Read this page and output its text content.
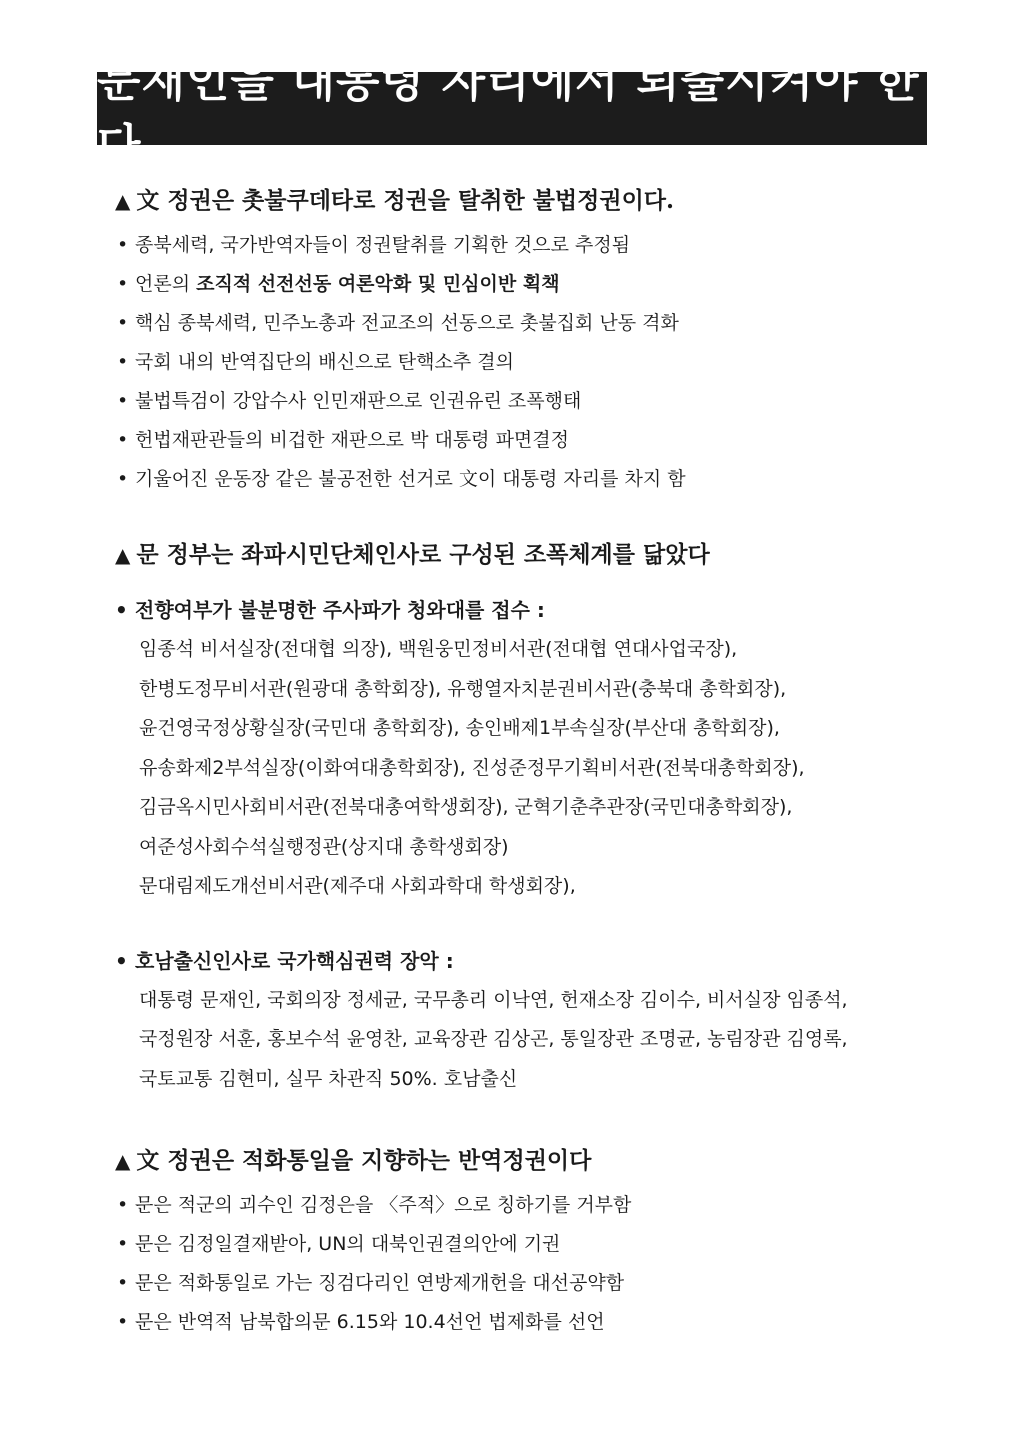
문재인을 대통령 자리에서 퇴출시켜야 한다
▲ 文 정권은 촛불쿠데타로 정권을 탈취한 불법정권이다.
• 종북세력, 국가반역자들이 정권탈취를 기획한 것으로 추정됨
• 언론의 조직적 선전선동 여론악화 및 민심이반 획책
• 핵심 종북세력, 민주노총과 전교조의 선동으로 촛불집회 난동 격화
• 국회 내의 반역집단의 배신으로 탄핵소추 결의
• 불법특검이 강압수사 인민재판으로 인권유린 조폭행태
• 헌법재판관들의 비겁한 재판으로 박 대통령 파면결정
• 기울어진 운동장 같은 불공전한 선거로 文이 대통령 자리를 차지 함
▲ 문 정부는 좌파시민단체인사로 구성된 조폭체계를 닮았다
• 전향여부가 불분명한 주사파가 청와대를 접수 :
임종석 비서실장(전대협 의장), 백원웅민정비서관(전대협 연대사업국장),
한병도정무비서관(원광대 총학회장), 유행열자치분권비서관(충북대 총학회장),
윤건영국정상황실장(국민대 총학회장), 송인배제1부속실장(부산대 총학회장),
유송화제2부석실장(이화여대총학회장), 진성준정무기획비서관(전북대총학회장),
김금옥시민사회비서관(전북대총여학생회장), 군혁기춘추관장(국민대총학회장),
여준성사회수석실행정관(상지대 총학생회장)
문대림제도개선비서관(제주대 사회과학대 학생회장),
• 호남출신인사로 국가핵심권력 장악 :
대통령 문재인, 국회의장 정세균, 국무총리 이낙연, 헌재소장 김이수, 비서실장 임종석,
국정원장 서훈, 홍보수석 윤영찬, 교육장관 김상곤, 통일장관 조명균, 농림장관 김영록,
국토교통 김현미, 실무 차관직 50%. 호남출신
▲ 文 정권은 적화통일을 지향하는 반역정권이다
• 문은 적군의 괴수인 김정은을 〈주적〉으로 칭하기를 거부함
• 문은 김정일결재받아, UN의 대북인권결의안에 기권
• 문은 적화통일로 가는 징검다리인 연방제개헌을 대선공약함
• 문은 반역적 남북합의문 6.15와 10.4선언 법제화를 선언
